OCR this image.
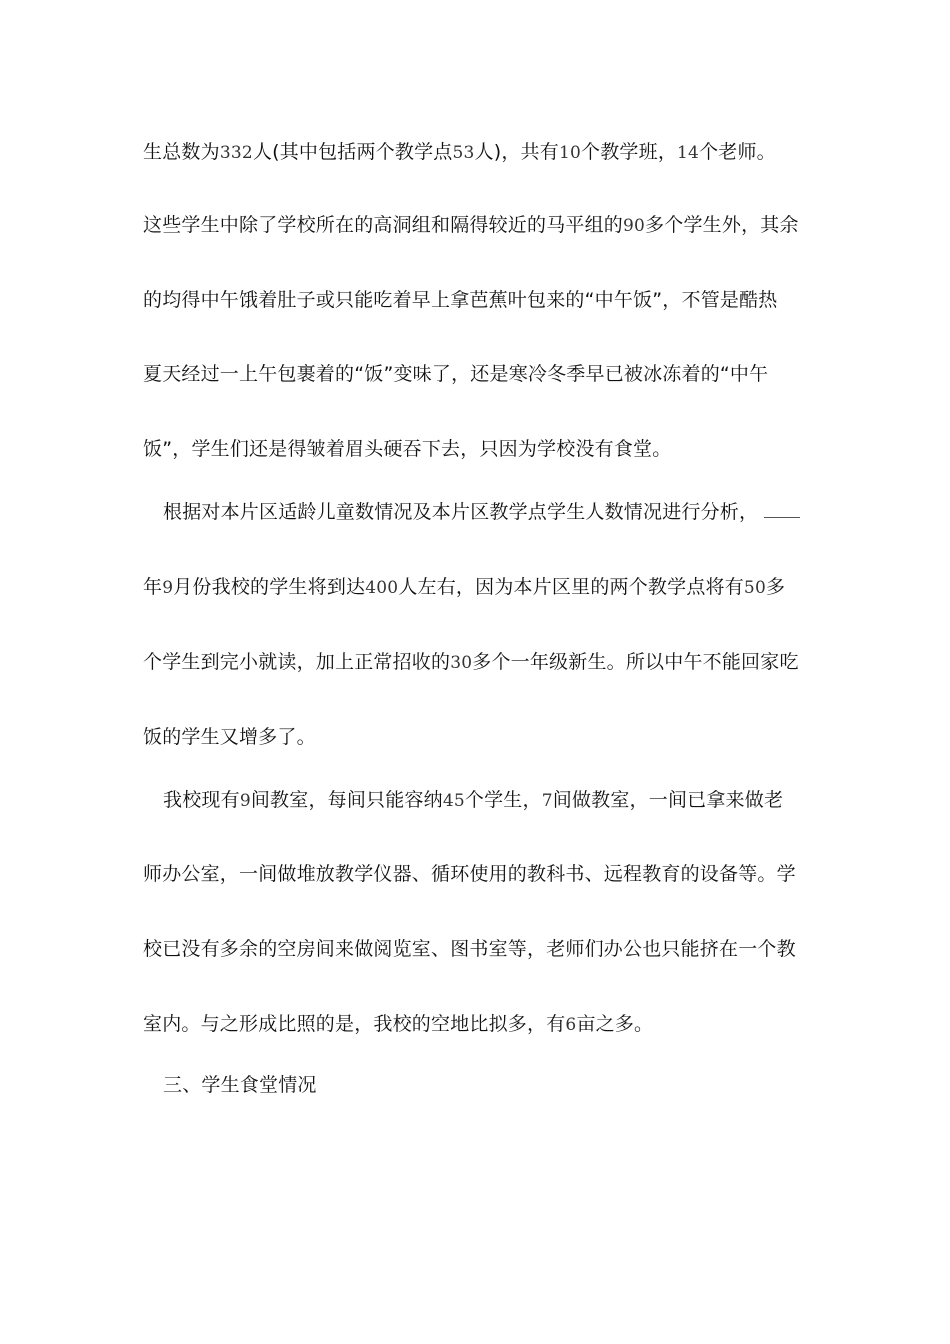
生总数为332人(其中包括两个教学点53人)，共有10个教学班，14个老师。
这些学生中除了学校所在的高洞组和隔得较近的马平组的90多个学生外，其余
的均得中午饿着肚子或只能吃着早上拿芭蕉叶包来的“中午饭”，不管是酷热
夏天经过一上午包裹着的“饭”变味了，还是寒冷冬季早已被冰冻着的“中午
饭”，学生们还是得皱着眉头硬吞下去，只因为学校没有食堂。
根据对本片区适龄儿童数情况及本片区教学点学生人数情况进行分析，
年9月份我校的学生将到达400人左右，因为本片区里的两个教学点将有50多
个学生到完小就读，加上正常招收的30多个一年级新生。所以中午不能回家吃
饭的学生又增多了。
我校现有9间教室，每间只能容纳45个学生，7间做教室，一间已拿来做老
师办公室，一间做堆放教学仪器、循环使用的教科书、远程教育的设备等。学
校已没有多余的空房间来做阅览室、图书室等，老师们办公也只能挤在一个教
室内。与之形成比照的是，我校的空地比拟多，有6亩之多。
三、学生食堂情况
